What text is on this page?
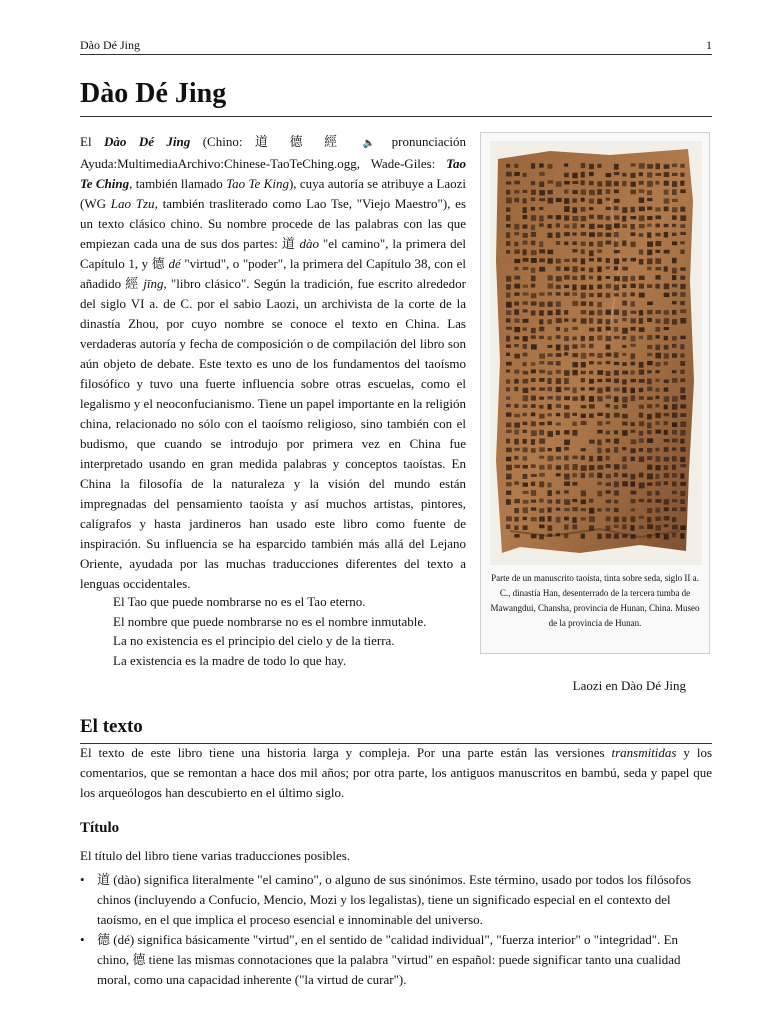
Dào Dé Jing	1
Dào Dé Jing

El Dào Dé Jing (Chino: 道 德 經 🔈 pronunciación Ayuda:MultimediaArchivo:Chinese-TaoTeChing.ogg, Wade-Giles: Tao Te Ching, también llamado Tao Te King), cuya autoría se atribuye a Laozi (WG Lao Tzu, también trasliterado como Lao Tse, "Viejo Maestro"), es un texto clásico chino. Su nombre procede de las palabras con las que empiezan cada una de sus dos partes: 道 dào "el camino", la primera del Capítulo 1, y 德 dé "virtud", o "poder", la primera del Capítulo 38, con el añadido 經 jīng, "libro clásico". Según la tradición, fue escrito alrededor del siglo VI a. de C. por el sabio Laozi, un archivista de la corte de la dinastía Zhou, por cuyo nombre se conoce el texto en China. Las verdaderas autoría y fecha de composición o de compilación del libro son aún objeto de debate. Este texto es uno de los fundamentos del taoísmo filosófico y tuvo una fuerte influencia sobre otras escuelas, como el legalismo y el neoconfucianismo. Tiene un papel importante en la religión china, relacionado no sólo con el taoísmo religioso, sino también con el budismo, que cuando se introdujo por primera vez en China fue interpretado usando en gran medida palabras y conceptos taoístas. En China la filosofía de la naturaleza y la visión del mundo están impregnadas del pensamiento taoísta y así muchos artistas, pintores, calígrafos y hasta jardineros han usado este libro como fuente de inspiración. Su influencia se ha esparcido también más allá del Lejano Oriente, ayudada por las muchas traducciones diferentes del texto a lenguas occidentales.	Parte de un manuscrito taoísta, tinta sobre seda, siglo II a. C., dinastía Han, desenterrado de la tercera tumba de Mawangdui, Chansha, provincia de Hunan, China. Museo de la provincia de Hunan.

El Tao que puede nombrarse no es el Tao eterno.
El nombre que puede nombrarse no es el nombre inmutable.
La no existencia es el principio del cielo y de la tierra.
La existencia es la madre de todo lo que hay.

Laozi en Dào Dé Jing

El texto

El texto de este libro tiene una historia larga y compleja. Por una parte están las versiones transmitidas y los comentarios, que se remontan a hace dos mil años; por otra parte, los antiguos manuscritos en bambú, seda y papel que los arqueólogos han descubierto en el último siglo.

Título

El título del libro tiene varias traducciones posibles.

• 道 (dào) significa literalmente "el camino", o alguno de sus sinónimos. Este término, usado por todos los filósofos chinos (incluyendo a Confucio, Mencio, Mozi y los legalistas), tiene un significado especial en el contexto del taoísmo, en el que implica el proceso esencial e innominable del universo.
• 德 (dé) significa básicamente "virtud", en el sentido de "calidad individual", "fuerza interior" o "integridad". En chino, 德 tiene las mismas connotaciones que la palabra "virtud" en español: puede significar tanto una cualidad moral, como una capacidad inherente ("la virtud de curar").
